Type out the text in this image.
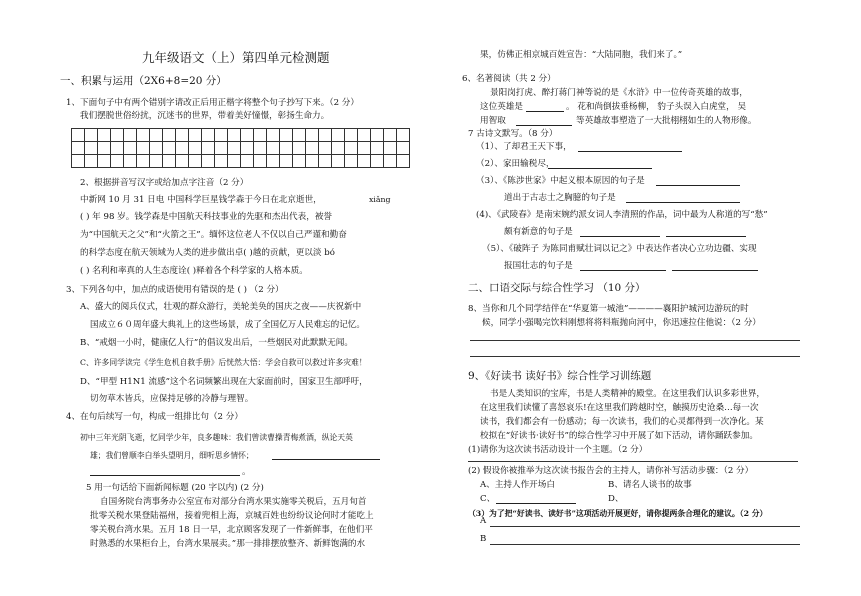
九年级语文（上）第四单元检测题
一、积累与运用（2X6+8=20 分）
1、下面句子中有两个错别字请改正后用正楷字将整个句子抄写下来。（2 分）
我们摆脱世俗纷扰，沉迷书的世界，带着美好憧憬，彰扬生命力。

2、根据拼音写汉字或给加点字注音（2 分）
中新网 10 月 31 日电 中国科学巨星钱学森于今日在北京逝世，	xiǎng
( ) 年 98 岁。钱学森是中国航天科技事业的先驱和杰出代表，被誉
为“中国航天之父”和“火箭之王”。缅怀这位老人不仅以自己严谨和勤奋
的科学态度在航天领域为人类的进步做出卓( )越的贡献，更以淡 bó
( ) 名利和率真的人生态度诠( )释着各个科学家的人格本质。
3、下列各句中，加点的成语使用有错误的是 ( ) （2 分）
A、盛大的阅兵仪式，壮观的群众游行，美轮美奂的国庆之夜——庆祝新中
国成立６０周年盛大典礼上的这些场景，成了全国亿万人民难忘的记忆。
B、“戒烟一小时，健康亿人行”的倡议发出后，一些烟民对此默默无闻。
C、许多同学读完《学生危机自救手册》后恍然大悟：学会自救可以救过许多灾难！
D、“甲型 H1N1 流感”这个名词频繁出现在大家面前时，国家卫生部呼吁，
切勿草木皆兵，应保持足够的冷静与理智。
4、在句后续写一句，构成一组排比句（2 分）
初中三年光阴飞逝，忆同学少年，良多趣味：我们曾读曹操青梅煮酒，纵论天英
雄；我们曾顺李白举头望明月，细听思乡情怀；
。
5 用一句话给下面新闻标题 (20 字以内) (2 分)
自国务院台湾事务办公室宣布对部分台湾水果实施零关税后，五月旬首
批零关税水果登陆福州，接着兜相上海，京城百姓也纷纷议论何时才能吃上
零关税台湾水果。五月 18 日一早，北京顾客发现了一件新鲜事，在他们平
时熟悉的水果柜台上，台湾水果展卖。”那一排排摆放整齐、新鲜饱满的水
果，仿佛正相京城百姓宣告：“大陆同胞，我们来了。”
6、名著阅读（共 2 分）
景阳岗打虎、醉打蒋门神等说的是《水浒》中一位传奇英雄的故事，
这位英雄是	。 花和尚倒拔垂杨柳， 豹子头误入白虎堂， 吴
用智取	等英雄故事塑造了一大批栩栩如生的人物形像。
7 古诗文默写。（8 分）
（1）、了却君王天下事，
（2）、家田输税尽，
（3）、《陈涉世家》中起义根本原因的句子是
道出于古志士之胸臆的句子是
(4)、《武陵春》是南宋婉约派女词人李清照的作品，词中最为人称道的写“愁”
颇有新意的句子是
（5）、《破阵子 为陈同甫赋壮词以记之》中表达作者决心立功边疆、实现
报国壮志的句子是
二、口语交际与综合性学习 （10 分）
8、当你和几个同学结伴在“华夏第一城池”————襄阳护城河边游玩的时
候，同学小强喝完饮料刚想将将料瓶抛向河中，你迅速拉住他说：（2 分）
9、《好读书 读好书》综合性学习训练题
书是人类知识的宝库，书是人类精神的殿堂。在这里我们认识多彩世界，
在这里我们读懂了喜怒哀乐!在这里我们跨越时空，触摸历史沧桑…每一次
读书，我们都会有一份感动；每一次读书，我们的心灵都得到一次净化。某
校拟在“好读书·读好书”的综合性学习中开展了如下活动，请你踊跃参加。
(1)请你为这次读书活动设计一个主题。（2 分）
(2) 假设你被推举为这次读书报告会的主持人，请你补写活动步骤：（2 分）
A、主持人作开场白	B、请名人谈书的故事
C、	D、
（3）为了把“好读书、读好书”这项活动开展更好，请你提两条合理化的建议。（2 分）
A
B
